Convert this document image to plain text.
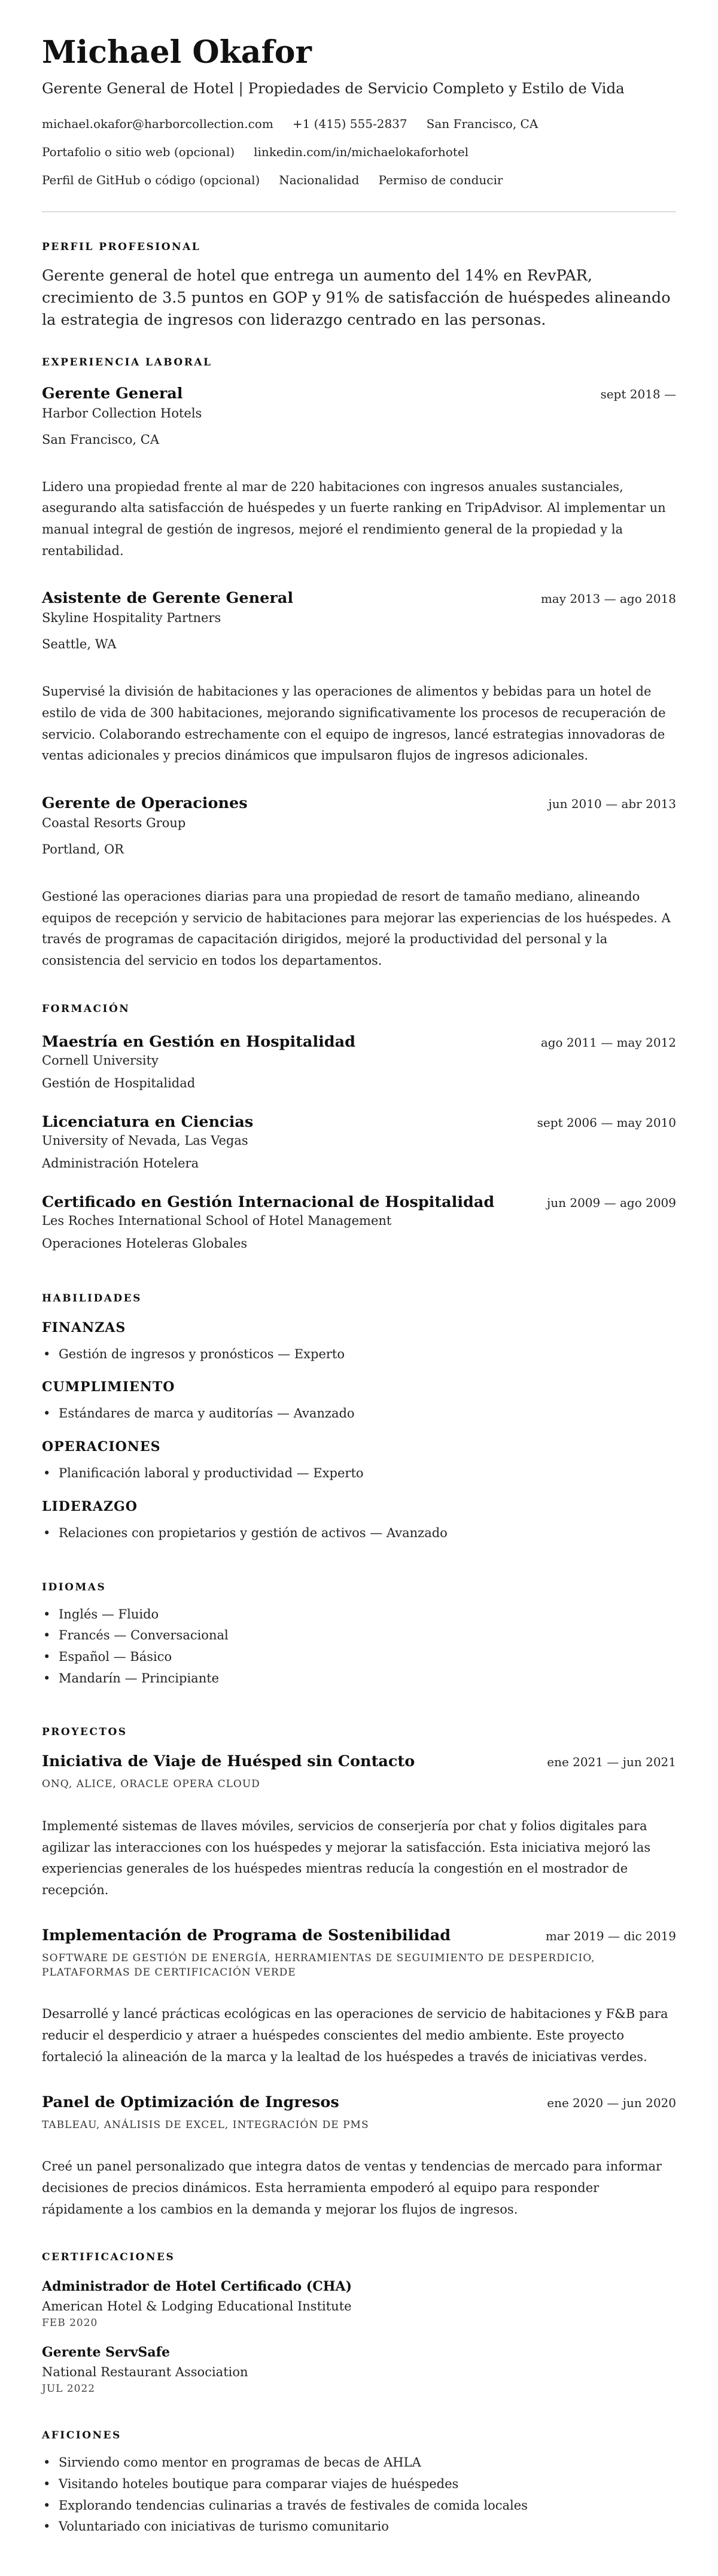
Michael Okafor
Gerente General de Hotel | Propiedades de Servicio Completo y Estilo de Vida
michael.okafor@harborcollection.com +1 (415) 555-2837 San Francisco, CA
Portafolio o sitio web (opcional) linkedin.com/in/michaelokaforhotel
Perfil de GitHub o código (opcional) Nacionalidad Permiso de conducir
PERFIL PROFESIONAL

Gerente general de hotel que entrega un aumento del 14% en RevPAR, crecimiento de 3.5 puntos en GOP y 91% de satisfacción de huéspedes alineando la estrategia de ingresos con liderazgo centrado en las personas.

EXPERIENCIA LABORAL
Gerente General	sept 2018 —
Harbor Collection Hotels
San Francisco, CA

Lidero una propiedad frente al mar de 220 habitaciones con ingresos anuales sustanciales, asegurando alta satisfacción de huéspedes y un fuerte ranking en TripAdvisor. Al implementar un manual integral de gestión de ingresos, mejoré el rendimiento general de la propiedad y la rentabilidad.

Asistente de Gerente General	may 2013 — ago 2018
Skyline Hospitality Partners
Seattle, WA

Supervisé la división de habitaciones y las operaciones de alimentos y bebidas para un hotel de estilo de vida de 300 habitaciones, mejorando significativamente los procesos de recuperación de servicio. Colaborando estrechamente con el equipo de ingresos, lancé estrategias innovadoras de ventas adicionales y precios dinámicos que impulsaron flujos de ingresos adicionales.

Gerente de Operaciones	jun 2010 — abr 2013
Coastal Resorts Group
Portland, OR

Gestioné las operaciones diarias para una propiedad de resort de tamaño mediano, alineando equipos de recepción y servicio de habitaciones para mejorar las experiencias de los huéspedes. A través de programas de capacitación dirigidos, mejoré la productividad del personal y la consistencia del servicio en todos los departamentos.

FORMACIÓN
Maestría en Gestión en Hospitalidad	ago 2011 — may 2012
Cornell University
Gestión de Hospitalidad
Licenciatura en Ciencias	sept 2006 — may 2010
University of Nevada, Las Vegas
Administración Hotelera
Certificado en Gestión Internacional de Hospitalidad	jun 2009 — ago 2009
Les Roches International School of Hotel Management
Operaciones Hoteleras Globales
HABILIDADES
FINANZAS
• Gestión de ingresos y pronósticos — Experto
CUMPLIMIENTO
• Estándares de marca y auditorías — Avanzado
OPERACIONES
• Planificación laboral y productividad — Experto
LIDERAZGO
• Relaciones con propietarios y gestión de activos — Avanzado
IDIOMAS
• Inglés — Fluido
• Francés — Conversacional
• Español — Básico
• Mandarín — Principiante
PROYECTOS
Iniciativa de Viaje de Huésped sin Contacto	ene 2021 — jun 2021
ONQ, ALICE, ORACLE OPERA CLOUD

Implementé sistemas de llaves móviles, servicios de conserjería por chat y folios digitales para agilizar las interacciones con los huéspedes y mejorar la satisfacción. Esta iniciativa mejoró las experiencias generales de los huéspedes mientras reducía la congestión en el mostrador de recepción.

Implementación de Programa de Sostenibilidad	mar 2019 — dic 2019
SOFTWARE DE GESTIÓN DE ENERGÍA, HERRAMIENTAS DE SEGUIMIENTO DE DESPERDICIO, PLATAFORMAS DE CERTIFICACIÓN VERDE

Desarrollé y lancé prácticas ecológicas en las operaciones de servicio de habitaciones y F&B para reducir el desperdicio y atraer a huéspedes conscientes del medio ambiente. Este proyecto fortaleció la alineación de la marca y la lealtad de los huéspedes a través de iniciativas verdes.

Panel de Optimización de Ingresos	ene 2020 — jun 2020
TABLEAU, ANÁLISIS DE EXCEL, INTEGRACIÓN DE PMS

Creé un panel personalizado que integra datos de ventas y tendencias de mercado para informar decisiones de precios dinámicos. Esta herramienta empoderó al equipo para responder rápidamente a los cambios en la demanda y mejorar los flujos de ingresos.

CERTIFICACIONES
Administrador de Hotel Certificado (CHA)
American Hotel & Lodging Educational Institute
FEB 2020
Gerente ServSafe
National Restaurant Association
JUL 2022
AFICIONES
• Sirviendo como mentor en programas de becas de AHLA
• Visitando hoteles boutique para comparar viajes de huéspedes
• Explorando tendencias culinarias a través de festivales de comida locales
• Voluntariado con iniciativas de turismo comunitario
